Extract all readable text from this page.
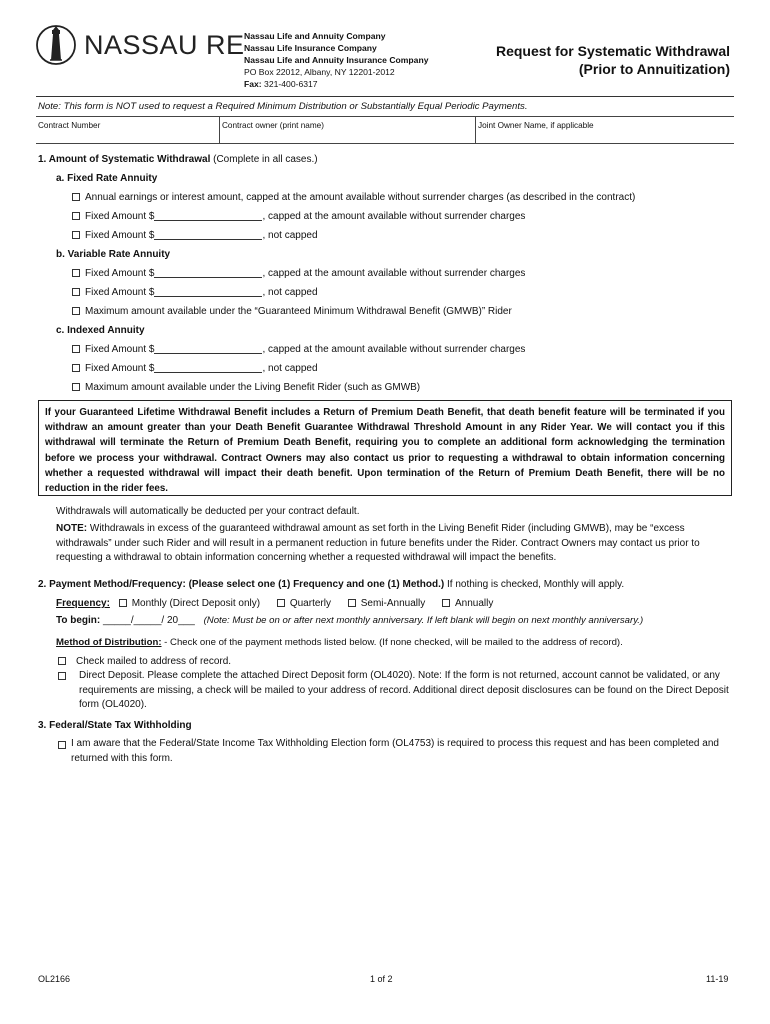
NASSAU RE Nassau Life and Annuity Company
Nassau Life Insurance Company
Nassau Life and Annuity Insurance Company
PO Box 22012, Albany, NY 12201-2012
Fax: 321-400-6317
Request for Systematic Withdrawal
(Prior to Annuitization)
Note: This form is NOT used to request a Required Minimum Distribution or Substantially Equal Periodic Payments.
Contract Number	Contract owner (print name)	Joint Owner Name, if applicable
1. Amount of Systematic Withdrawal (Complete in all cases.)
a. Fixed Rate Annuity
Annual earnings or interest amount, capped at the amount available without surrender charges (as described in the contract)
Fixed Amount $	, capped at the amount available without surrender charges
Fixed Amount $	, not capped
b. Variable Rate Annuity
Fixed Amount $	, capped at the amount available without surrender charges
Fixed Amount $	, not capped
Maximum amount available under the “Guaranteed Minimum Withdrawal Benefit (GMWB)” Rider
c. Indexed Annuity
Fixed Amount $	, capped at the amount available without surrender charges
Fixed Amount $	, not capped
Maximum amount available under the Living Benefit Rider (such as GMWB)
If your Guaranteed Lifetime Withdrawal Benefit includes a Return of Premium Death Benefit, that death benefit feature will be terminated if you withdraw an amount greater than your Death Benefit Guarantee Withdrawal Threshold Amount in any Rider Year. We will contact you if this withdrawal will terminate the Return of Premium Death Benefit, requiring you to complete an additional form acknowledging the termination before we process your withdrawal. Contract Owners may also contact us prior to requesting a withdrawal to obtain information concerning whether a requested withdrawal will impact their death benefit. Upon termination of the Return of Premium Death Benefit, there will be no reduction in the rider fees.
Withdrawals will automatically be deducted per your contract default.
NOTE: Withdrawals in excess of the guaranteed withdrawal amount as set forth in the Living Benefit Rider (including GMWB), may be “excess withdrawals” under such Rider and will result in a permanent reduction in future benefits under the Rider. Contract Owners may contact us prior to requesting a withdrawal to obtain information concerning whether a requested withdrawal will impact the benefits.
2. Payment Method/Frequency: (Please select one (1) Frequency and one (1) Method.) If nothing is checked, Monthly will apply.
Frequency: Monthly (Direct Deposit only)	Quarterly	Semi-Annually	Annually
To begin: _____/_____/ 20___ (Note: Must be on or after next monthly anniversary. If left blank will begin on next monthly anniversary.)
Method of Distribution: - Check one of the payment methods listed below. (If none checked, will be mailed to the address of record).
Check mailed to address of record.
Direct Deposit. Please complete the attached Direct Deposit form (OL4020). Note: If the form is not returned, account cannot be validated, or any requirements are missing, a check will be mailed to your address of record. Additional direct deposit disclosures can be found on the Direct Deposit form (OL4020).
3. Federal/State Tax Withholding
I am aware that the Federal/State Income Tax Withholding Election form (OL4753) is required to process this request and has been completed and returned with this form.
OL2166	1 of 2	11-19
